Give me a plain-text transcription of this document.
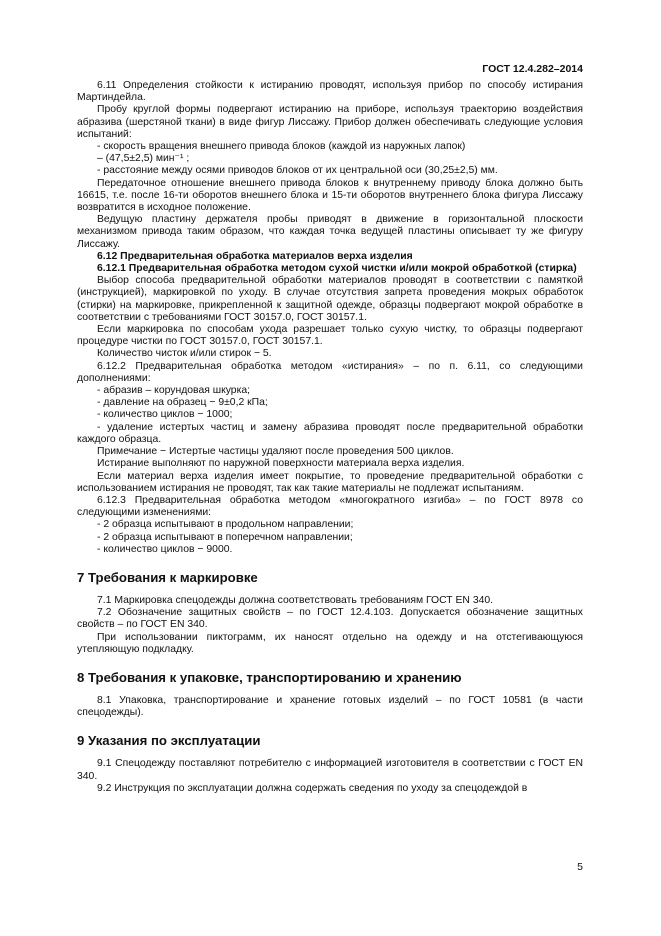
ГОСТ 12.4.282–2014

6.11 Определения стойкости к истиранию проводят, используя прибор по способу истирания Мартиндейла.

Пробу круглой формы подвергают истиранию на приборе, используя траекторию воздействия абразива (шерстяной ткани) в виде фигур Лиссажу. Прибор должен обеспечивать следующие условия испытаний:

- скорость вращения внешнего привода блоков (каждой из наружных лапок)

– (47,5±2,5) мин⁻¹ ;

- расстояние между осями приводов блоков от их центральной оси (30,25±2,5) мм.

Передаточное отношение внешнего привода блоков к внутреннему приводу блока должно быть 16615, т.е. после 16-ти оборотов внешнего блока и 15-ти оборотов внутреннего блока фигура Лиссажу возвратится в исходное положение.

Ведущую пластину держателя пробы приводят в движение в горизонтальной плоскости механизмом привода таким образом, что каждая точка ведущей пластины описывает ту же фигуру Лиссажу.

6.12 Предварительная обработка материалов верха изделия

6.12.1 Предварительная обработка методом сухой чистки и/или мокрой обработкой (стирка)

Выбор способа предварительной обработки материалов проводят в соответствии с памяткой (инструкцией), маркировкой по уходу. В случае отсутствия запрета проведения мокрых обработок (стирки) на маркировке, прикрепленной к защитной одежде, образцы подвергают мокрой обработке в соответствии с требованиями ГОСТ 30157.0, ГОСТ 30157.1.

Если маркировка по способам ухода разрешает только сухую чистку, то образцы подвергают процедуре чистки по ГОСТ 30157.0, ГОСТ 30157.1.

Количество чисток и/или стирок − 5.

6.12.2 Предварительная обработка методом «истирания» – по п. 6.11, со следующими дополнениями:

- абразив – корундовая шкурка;

- давление на образец − 9±0,2 кПа;

- количество циклов − 1000;

- удаление истертых частиц и замену абразива проводят после предварительной обработки каждого образца.

Примечание − Истертые частицы удаляют после проведения 500 циклов.

Истирание выполняют по наружной поверхности материала верха изделия.

Если материал верха изделия имеет покрытие, то проведение предварительной обработки с использованием истирания не проводят, так как такие материалы не подлежат испытаниям.

6.12.3 Предварительная обработка методом «многократного изгиба» – по ГОСТ 8978 со следующими изменениями:

- 2 образца испытывают в продольном направлении;

- 2 образца испытывают в поперечном направлении;

- количество циклов − 9000.

7 Требования к маркировке

7.1 Маркировка спецодежды должна соответствовать требованиям ГОСТ EN 340.

7.2 Обозначение защитных свойств – по ГОСТ 12.4.103. Допускается обозначение защитных свойств – по ГОСТ EN 340.

При использовании пиктограмм, их наносят отдельно на одежду и на отстегивающуюся утепляющую подкладку.

8 Требования к упаковке, транспортированию и хранению

8.1 Упаковка, транспортирование и хранение готовых изделий – по ГОСТ 10581 (в части спецодежды).

9 Указания по эксплуатации

9.1 Спецодежду поставляют потребителю с информацией изготовителя в соответствии с ГОСТ EN 340.

9.2 Инструкция по эксплуатации должна содержать сведения по уходу за спецодеждой в

5
